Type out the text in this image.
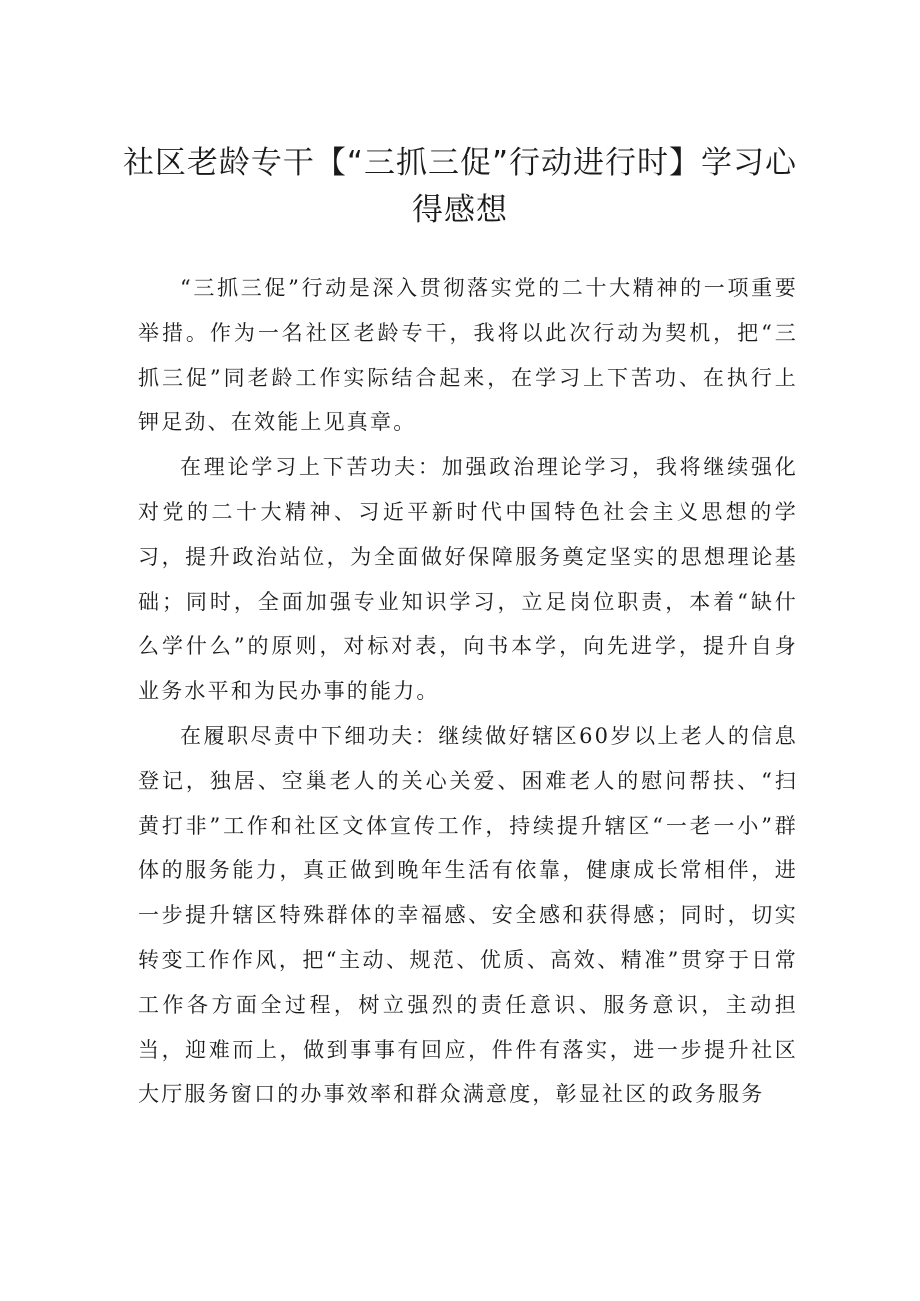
社区老龄专干【“三抓三促”行动进行时】学习心得感想

“三抓三促”行动是深入贯彻落实党的二十大精神的一项重要举措。作为一名社区老龄专干，我将以此次行动为契机，把“三抓三促”同老龄工作实际结合起来，在学习上下苦功、在执行上钾足劲、在效能上见真章。

在理论学习上下苦功夫：加强政治理论学习，我将继续强化对党的二十大精神、习近平新时代中国特色社会主义思想的学习，提升政治站位，为全面做好保障服务奠定坚实的思想理论基础；同时，全面加强专业知识学习，立足岗位职责，本着“缺什么学什么”的原则，对标对表，向书本学，向先进学，提升自身业务水平和为民办事的能力。

在履职尽责中下细功夫：继续做好辖区60岁以上老人的信息登记，独居、空巢老人的关心关爱、困难老人的慰问帮扶、“扫黄打非”工作和社区文体宣传工作，持续提升辖区“一老一小”群体的服务能力，真正做到晚年生活有依靠，健康成长常相伴，进一步提升辖区特殊群体的幸福感、安全感和获得感；同时，切实转变工作作风，把“主动、规范、优质、高效、精准”贯穿于日常工作各方面全过程，树立强烈的责任意识、服务意识，主动担当，迎难而上，做到事事有回应，件件有落实，进一步提升社区大厅服务窗口的办事效率和群众满意度，彰显社区的政务服务
